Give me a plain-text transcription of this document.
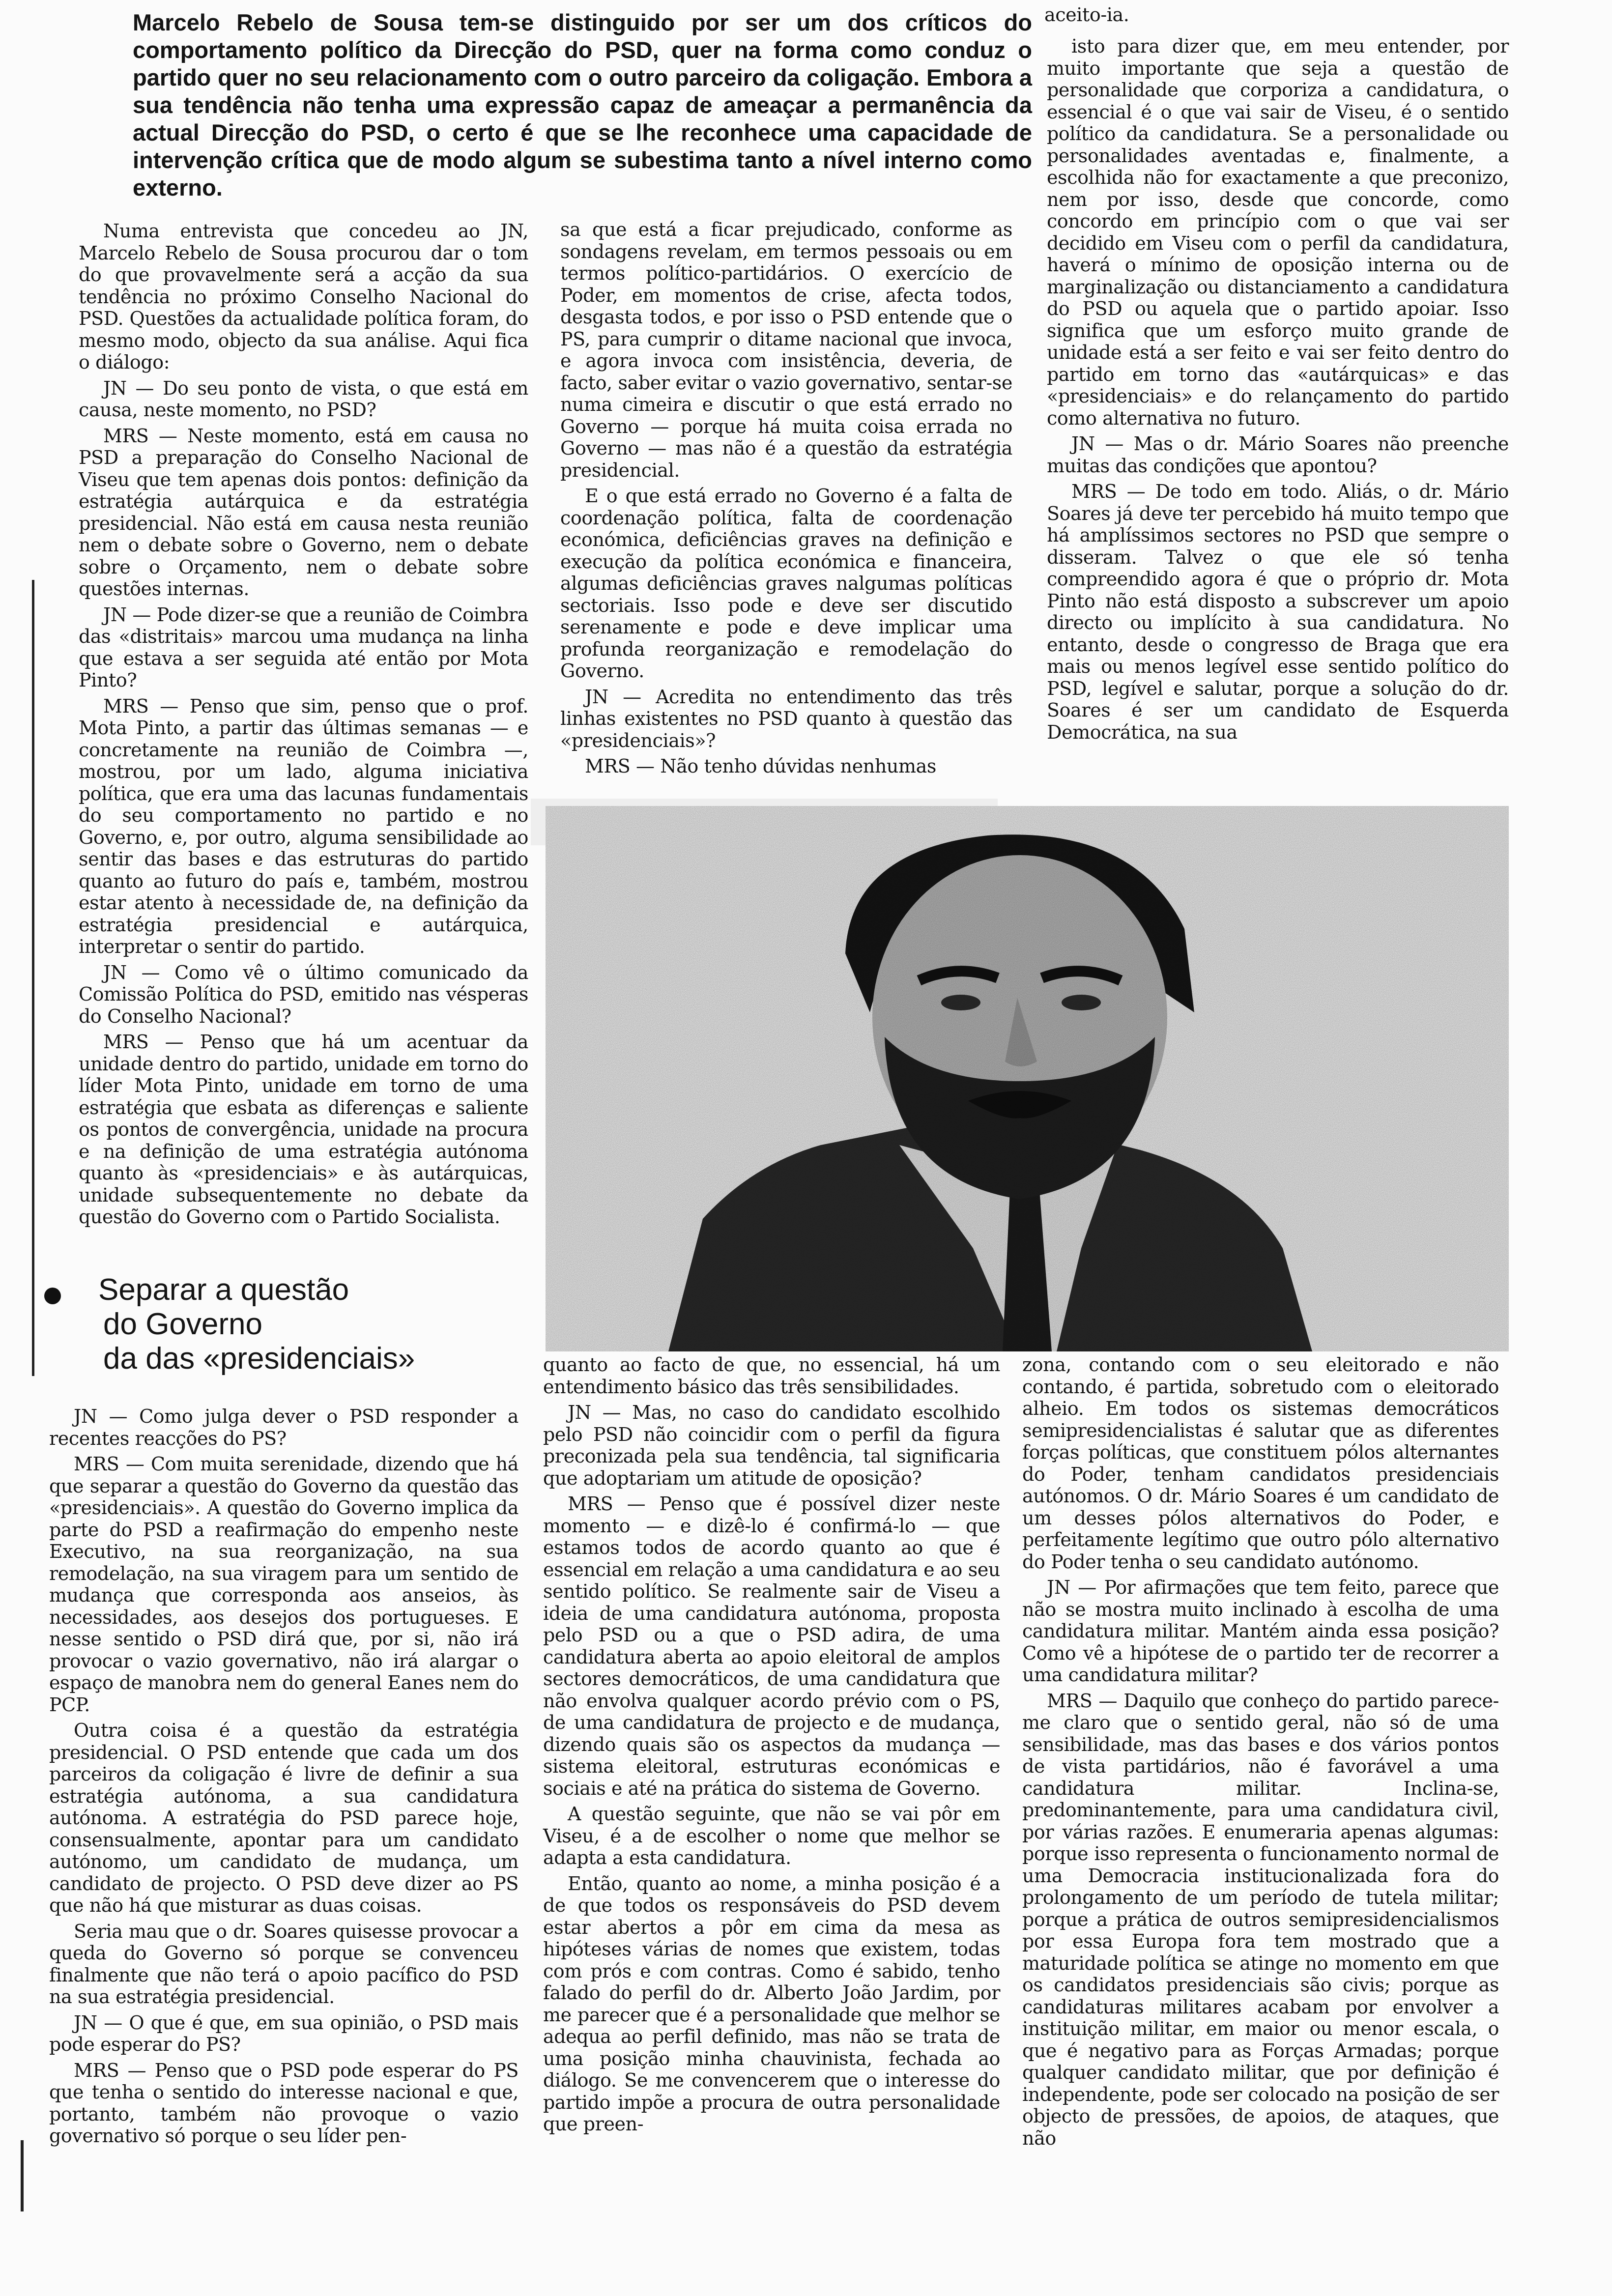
Marcelo Rebelo de Sousa tem-se distinguido por ser um dos críticos do comportamento político da Direcção do PSD, quer na forma como conduz o partido quer no seu relacionamento com o outro parceiro da coligação. Embora a sua tendência não tenha uma expressão capaz de ameaçar a permanência da actual Direcção do PSD, o certo é que se lhe reconhece uma capacidade de intervenção crítica que de modo algum se subestima tanto a nível interno como externo.

aceito-ia.

Numa entrevista que concedeu ao JN, Marcelo Rebelo de Sousa procurou dar o tom do que provavelmente será a acção da sua tendência no próximo Conselho Nacional do PSD. Questões da actualidade política foram, do mesmo modo, objecto da sua análise. Aqui fica o diálogo:

JN — Do seu ponto de vista, o que está em causa, neste momento, no PSD?

MRS — Neste momento, está em causa no PSD a preparação do Conselho Nacional de Viseu que tem apenas dois pontos: definição da estratégia autárquica e da estratégia presidencial. Não está em causa nesta reunião nem o debate sobre o Governo, nem o debate sobre o Orçamento, nem o debate sobre questões internas.

JN — Pode dizer-se que a reunião de Coimbra das «distritais» marcou uma mudança na linha que estava a ser seguida até então por Mota Pinto?

MRS — Penso que sim, penso que o prof. Mota Pinto, a partir das últimas semanas — e concretamente na reunião de Coimbra —, mostrou, por um lado, alguma iniciativa política, que era uma das lacunas fundamentais do seu comportamento no partido e no Governo, e, por outro, alguma sensibilidade ao sentir das bases e das estruturas do partido quanto ao futuro do país e, também, mostrou estar atento à necessidade de, na definição da estratégia presidencial e autárquica, interpretar o sentir do partido.

JN — Como vê o último comunicado da Comissão Política do PSD, emitido nas vésperas do Conselho Nacional?

MRS — Penso que há um acentuar da unidade dentro do partido, unidade em torno do líder Mota Pinto, unidade em torno de uma estratégia que esbata as diferenças e saliente os pontos de convergência, unidade na procura e na definição de uma estratégia autónoma quanto às «presidenciais» e às autárquicas, unidade subsequentemente no debate da questão do Governo com o Partido Socialista.

Separar a questão
do Governo
da das «presidenciais»

JN — Como julga dever o PSD responder a recentes reacções do PS?

MRS — Com muita serenidade, dizendo que há que separar a questão do Governo da questão das «presidenciais». A questão do Governo implica da parte do PSD a reafirmação do empenho neste Executivo, na sua reorganização, na sua remodelação, na sua viragem para um sentido de mudança que corresponda aos anseios, às necessidades, aos desejos dos portugueses. E nesse sentido o PSD dirá que, por si, não irá provocar o vazio governativo, não irá alargar o espaço de manobra nem do general Eanes nem do PCP.

Outra coisa é a questão da estratégia presidencial. O PSD entende que cada um dos parceiros da coligação é livre de definir a sua estratégia autónoma, a sua candidatura autónoma. A estratégia do PSD parece hoje, consensualmente, apontar para um candidato autónomo, um candidato de mudança, um candidato de projecto. O PSD deve dizer ao PS que não há que misturar as duas coisas.

Seria mau que o dr. Soares quisesse provocar a queda do Governo só porque se convenceu finalmente que não terá o apoio pacífico do PSD na sua estratégia presidencial.

JN — O que é que, em sua opinião, o PSD mais pode esperar do PS?

MRS — Penso que o PSD pode esperar do PS que tenha o sentido do interesse nacional e que, portanto, também não provoque o vazio governativo só porque o seu líder pen-

sa que está a ficar prejudicado, conforme as sondagens revelam, em termos pessoais ou em termos político-partidários. O exercício de Poder, em momentos de crise, afecta todos, desgasta todos, e por isso o PSD entende que o PS, para cumprir o ditame nacional que invoca, e agora invoca com insistência, deveria, de facto, saber evitar o vazio governativo, sentar-se numa cimeira e discutir o que está errado no Governo — porque há muita coisa errada no Governo — mas não é a questão da estratégia presidencial.

E o que está errado no Governo é a falta de coordenação política, falta de coordenação económica, deficiências graves na definição e execução da política económica e financeira, algumas deficiências graves nalgumas políticas sectoriais. Isso pode e deve ser discutido serenamente e pode e deve implicar uma profunda reorganização e remodelação do Governo.

JN — Acredita no entendimento das três linhas existentes no PSD quanto à questão das «presidenciais»?

MRS — Não tenho dúvidas nenhumas

isto para dizer que, em meu entender, por muito importante que seja a questão de personalidade que corporiza a candidatura, o essencial é o que vai sair de Viseu, é o sentido político da candidatura. Se a personalidade ou personalidades aventadas e, finalmente, a escolhida não for exactamente a que preconizo, nem por isso, desde que concorde, como concordo em princípio com o que vai ser decidido em Viseu com o perfil da candidatura, haverá o mínimo de oposição interna ou de marginalização ou distanciamento a candidatura do PSD ou aquela que o partido apoiar. Isso significa que um esforço muito grande de unidade está a ser feito e vai ser feito dentro do partido em torno das «autárquicas» e das «presidenciais» e do relançamento do partido como alternativa no futuro.

JN — Mas o dr. Mário Soares não preenche muitas das condições que apontou?

MRS — De todo em todo. Aliás, o dr. Mário Soares já deve ter percebido há muito tempo que há amplíssimos sectores no PSD que sempre o disseram. Talvez o que ele só tenha compreendido agora é que o próprio dr. Mota Pinto não está disposto a subscrever um apoio directo ou implícito à sua candidatura. No entanto, desde o congresso de Braga que era mais ou menos legível esse sentido político do PSD, legível e salutar, porque a solução do dr. Soares é ser um candidato de Esquerda Democrática, na sua

quanto ao facto de que, no essencial, há um entendimento básico das três sensibilidades.

JN — Mas, no caso do candidato escolhido pelo PSD não coincidir com o perfil da figura preconizada pela sua tendência, tal significaria que adoptariam um atitude de oposição?

MRS — Penso que é possível dizer neste momento — e dizê-lo é confirmá-lo — que estamos todos de acordo quanto ao que é essencial em relação a uma candidatura e ao seu sentido político. Se realmente sair de Viseu a ideia de uma candidatura autónoma, proposta pelo PSD ou a que o PSD adira, de uma candidatura aberta ao apoio eleitoral de amplos sectores democráticos, de uma candidatura que não envolva qualquer acordo prévio com o PS, de uma candidatura de projecto e de mudança, dizendo quais são os aspectos da mudança — sistema eleitoral, estruturas económicas e sociais e até na prática do sistema de Governo.

A questão seguinte, que não se vai pôr em Viseu, é a de escolher o nome que melhor se adapta a esta candidatura.

Então, quanto ao nome, a minha posição é a de que todos os responsáveis do PSD devem estar abertos a pôr em cima da mesa as hipóteses várias de nomes que existem, todas com prós e com contras. Como é sabido, tenho falado do perfil do dr. Alberto João Jardim, por me parecer que é a personalidade que melhor se adequa ao perfil definido, mas não se trata de uma posição minha chauvinista, fechada ao diálogo. Se me convencerem que o interesse do partido impõe a procura de outra personalidade que preen-

zona, contando com o seu eleitorado e não contando, é partida, sobretudo com o eleitorado alheio. Em todos os sistemas democráticos semipresidencialistas é salutar que as diferentes forças políticas, que constituem pólos alternantes do Poder, tenham candidatos presidenciais autónomos. O dr. Mário Soares é um candidato de um desses pólos alternativos do Poder, e perfeitamente legítimo que outro pólo alternativo do Poder tenha o seu candidato autónomo.

JN — Por afirmações que tem feito, parece que não se mostra muito inclinado à escolha de uma candidatura militar. Mantém ainda essa posição? Como vê a hipótese de o partido ter de recorrer a uma candidatura militar?

MRS — Daquilo que conheço do partido parece-me claro que o sentido geral, não só de uma sensibilidade, mas das bases e dos vários pontos de vista partidários, não é favorável a uma candidatura militar. Inclina-se, predominantemente, para uma candidatura civil, por várias razões. E enumeraria apenas algumas: porque isso representa o funcionamento normal de uma Democracia institucionalizada fora do prolongamento de um período de tutela militar; porque a prática de outros semipresidencialismos por essa Europa fora tem mostrado que a maturidade política se atinge no momento em que os candidatos presidenciais são civis; porque as candidaturas militares acabam por envolver a instituição militar, em maior ou menor escala, o que é negativo para as Forças Armadas; porque qualquer candidato militar, que por definição é independente, pode ser colocado na posição de ser objecto de pressões, de apoios, de ataques, que não
